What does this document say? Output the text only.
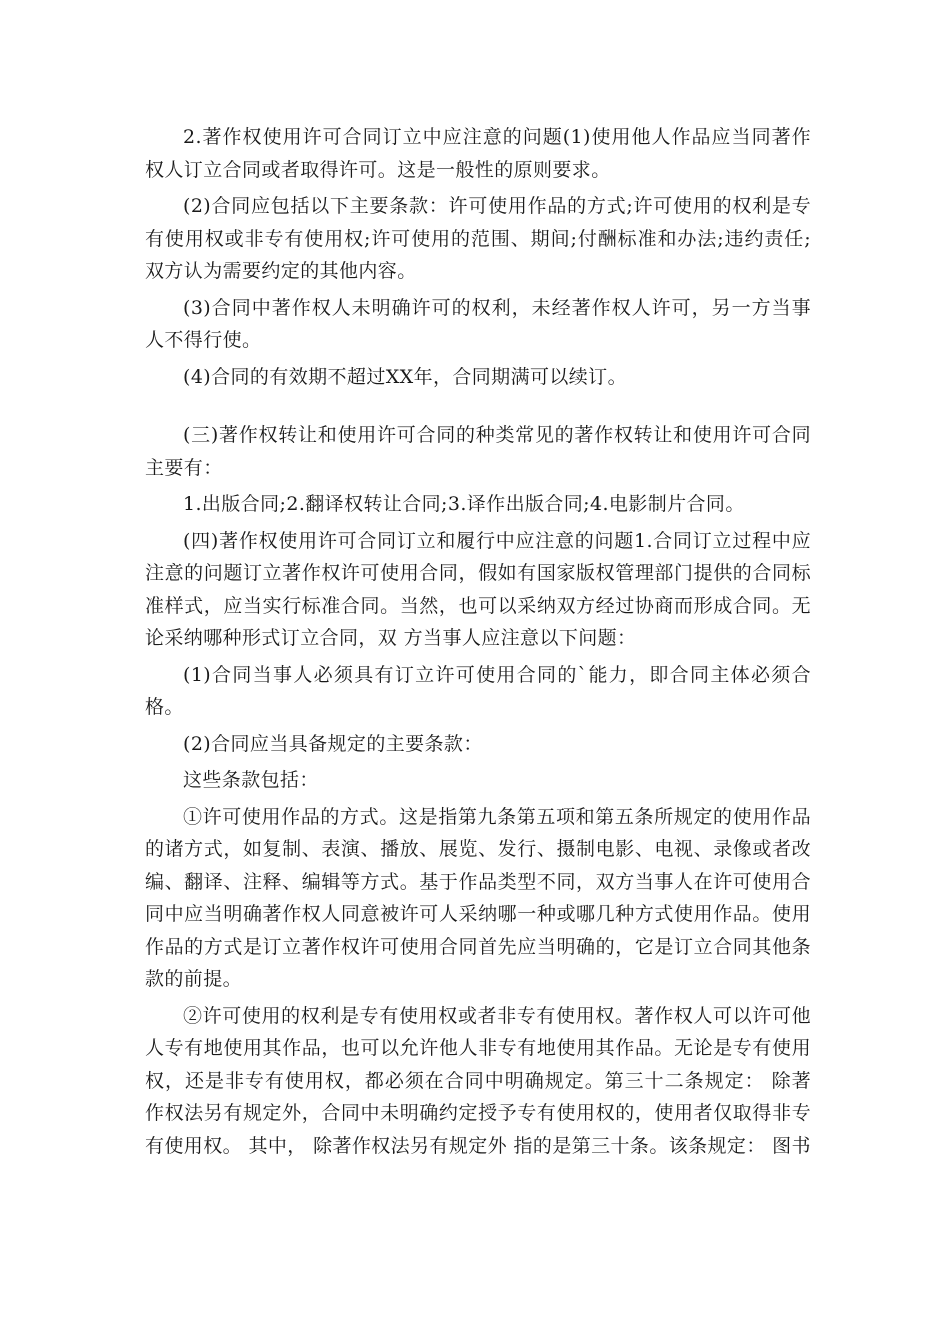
2.著作权使用许可合同订立中应注意的问题(1)使用他人作品应当同著作权人订立合同或者取得许可。这是一般性的原则要求。

(2)合同应包括以下主要条款：许可使用作品的方式;许可使用的权利是专有使用权或非专有使用权;许可使用的范围、期间;付酬标准和办法;违约责任;双方认为需要约定的其他内容。

(3)合同中著作权人未明确许可的权利，未经著作权人许可，另一方当事人不得行使。

(4)合同的有效期不超过XX年，合同期满可以续订。

(三)著作权转让和使用许可合同的种类常见的著作权转让和使用许可合同主要有：

1.出版合同;2.翻译权转让合同;3.译作出版合同;4.电影制片合同。

(四)著作权使用许可合同订立和履行中应注意的问题1.合同订立过程中应注意的问题订立著作权许可使用合同，假如有国家版权管理部门提供的合同标准样式，应当实行标准合同。当然，也可以采纳双方经过协商而形成合同。无论采纳哪种形式订立合同，双 方当事人应注意以下问题：

(1)合同当事人必须具有订立许可使用合同的`能力，即合同主体必须合格。

(2)合同应当具备规定的主要条款：

这些条款包括：

①许可使用作品的方式。这是指第九条第五项和第五条所规定的使用作品的诸方式，如复制、表演、播放、展览、发行、摄制电影、电视、录像或者改编、翻译、注释、编辑等方式。基于作品类型不同，双方当事人在许可使用合同中应当明确著作权人同意被许可人采纳哪一种或哪几种方式使用作品。使用作品的方式是订立著作权许可使用合同首先应当明确的，它是订立合同其他条款的前提。

②许可使用的权利是专有使用权或者非专有使用权。著作权人可以许可他人专有地使用其作品，也可以允许他人非专有地使用其作品。无论是专有使用权，还是非专有使用权，都必须在合同中明确规定。第三十二条规定： 除著作权法另有规定外，合同中未明确约定授予专有使用权的，使用者仅取得非专有使用权。 其中， 除著作权法另有规定外 指的是第三十条。该条规定： 图书
